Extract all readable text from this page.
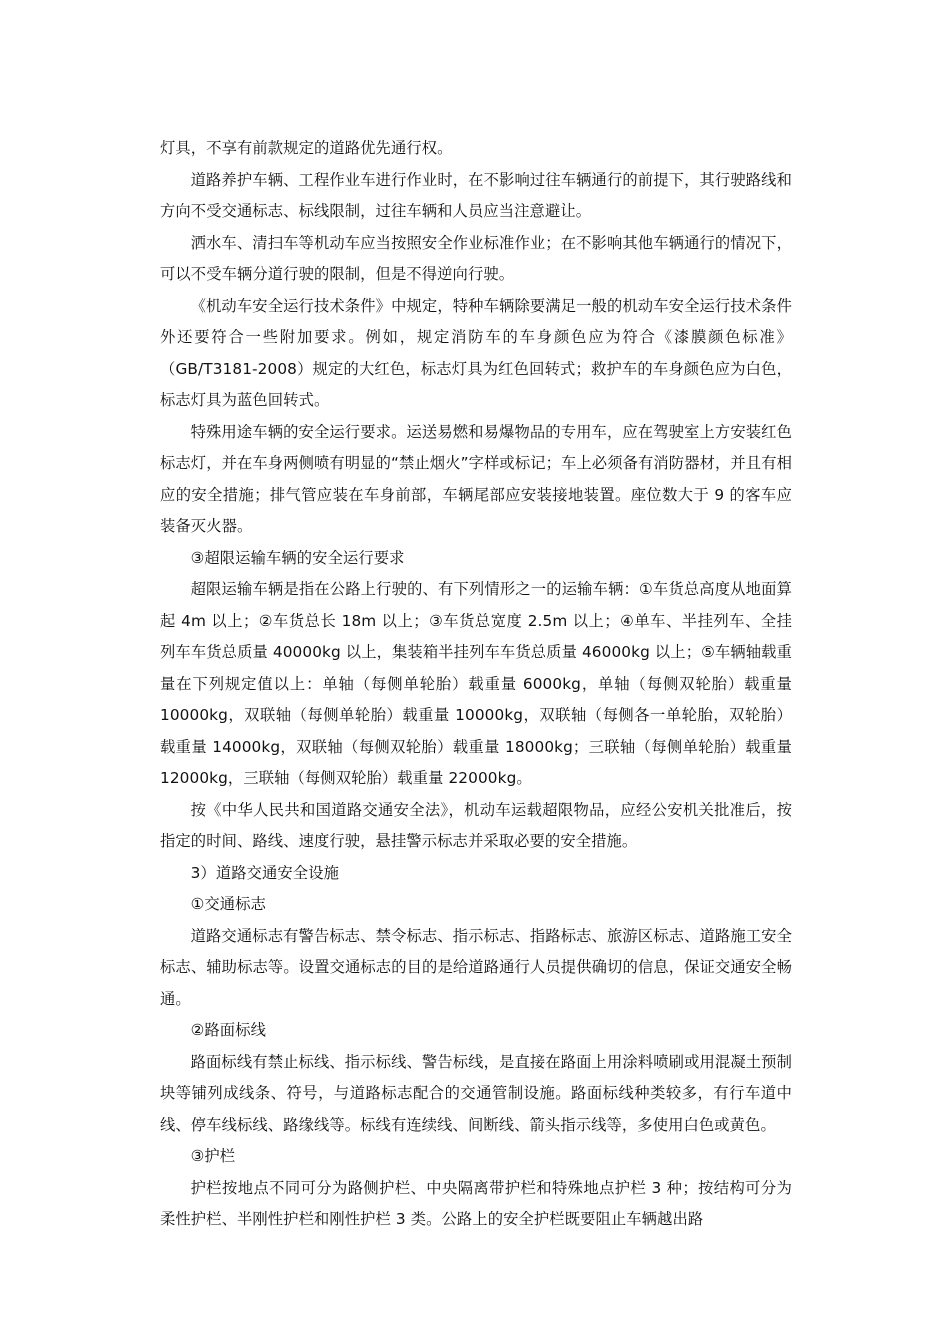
灯具，不享有前款规定的道路优先通行权。

道路养护车辆、工程作业车进行作业时，在不影响过往车辆通行的前提下，其行驶路线和方向不受交通标志、标线限制，过往车辆和人员应当注意避让。

洒水车、清扫车等机动车应当按照安全作业标准作业；在不影响其他车辆通行的情况下，可以不受车辆分道行驶的限制，但是不得逆向行驶。

《机动车安全运行技术条件》中规定，特种车辆除要满足一般的机动车安全运行技术条件外还要符合一些附加要求。例如，规定消防车的车身颜色应为符合《漆膜颜色标准》（GB/T3181-2008）规定的大红色，标志灯具为红色回转式；救护车的车身颜色应为白色，标志灯具为蓝色回转式。

特殊用途车辆的安全运行要求。运送易燃和易爆物品的专用车，应在驾驶室上方安装红色标志灯，并在车身两侧喷有明显的“禁止烟火”字样或标记；车上必须备有消防器材，并且有相应的安全措施；排气管应装在车身前部，车辆尾部应安装接地装置。座位数大于 9 的客车应装备灭火器。

③超限运输车辆的安全运行要求

超限运输车辆是指在公路上行驶的、有下列情形之一的运输车辆：①车货总高度从地面算起 4m 以上；②车货总长 18m 以上；③车货总宽度 2.5m 以上；④单车、半挂列车、全挂列车车货总质量 40000kg 以上，集装箱半挂列车车货总质量 46000kg 以上；⑤车辆轴载重量在下列规定值以上：单轴（每侧单轮胎）载重量 6000kg，单轴（每侧双轮胎）载重量 10000kg，双联轴（每侧单轮胎）载重量 10000kg，双联轴（每侧各一单轮胎，双轮胎）载重量 14000kg，双联轴（每侧双轮胎）载重量 18000kg；三联轴（每侧单轮胎）载重量 12000kg，三联轴（每侧双轮胎）载重量 22000kg。

按《中华人民共和国道路交通安全法》，机动车运载超限物品，应经公安机关批准后，按指定的时间、路线、速度行驶，悬挂警示标志并采取必要的安全措施。

3）道路交通安全设施

①交通标志

道路交通标志有警告标志、禁令标志、指示标志、指路标志、旅游区标志、道路施工安全标志、辅助标志等。设置交通标志的目的是给道路通行人员提供确切的信息，保证交通安全畅通。

②路面标线

路面标线有禁止标线、指示标线、警告标线，是直接在路面上用涂料喷刷或用混凝土预制块等铺列成线条、符号，与道路标志配合的交通管制设施。路面标线种类较多，有行车道中线、停车线标线、路缘线等。标线有连续线、间断线、箭头指示线等，多使用白色或黄色。

③护栏

护栏按地点不同可分为路侧护栏、中央隔离带护栏和特殊地点护栏 3 种；按结构可分为柔性护栏、半刚性护栏和刚性护栏 3 类。公路上的安全护栏既要阻止车辆越出路
